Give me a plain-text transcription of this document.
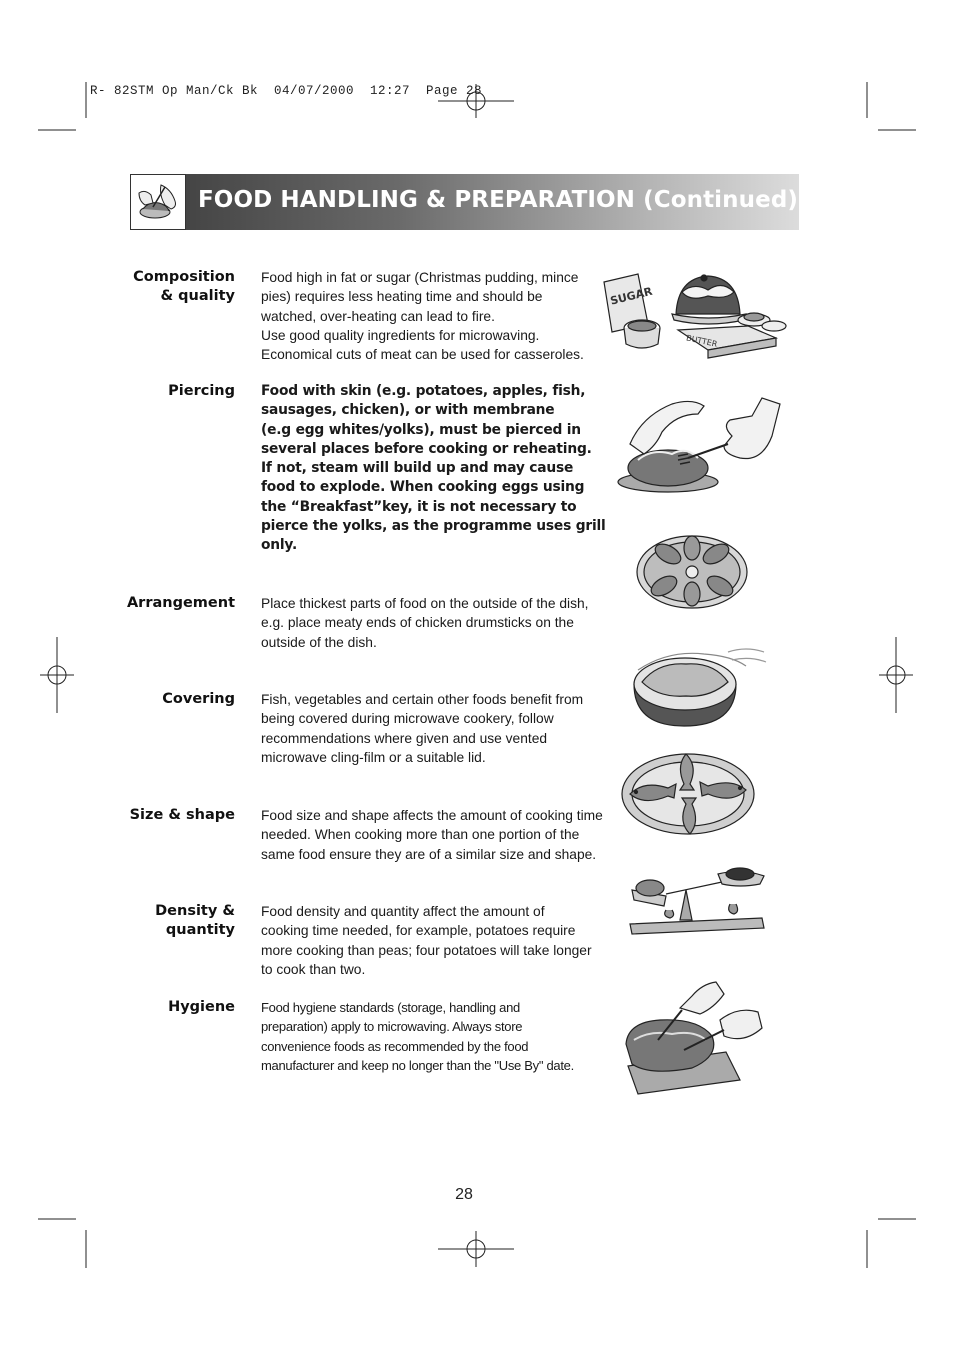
R- 82STM Op Man/Ck Bk  04/07/2000  12:27  Page 28
FOOD HANDLING & PREPARATION (Continued)
Composition
& quality
Food high in fat or sugar (Christmas pudding, mince
pies) requires less heating time and should be
watched, over-heating can lead to fire.
Use good quality ingredients for microwaving.
Economical cuts of meat can be used for casseroles.
SUGAR
BUTTER
Piercing Food with skin (e.g. potatoes, apples, fish,
sausages, chicken), or with membrane
(e.g egg whites/yolks), must be pierced in
several places before cooking or reheating.
If not, steam will build up and may cause
food to explode. When cooking eggs using
the “Breakfast”key, it is not necessary to
pierce the yolks, as the programme uses grill
only.
Arrangement Place thickest parts of food on the outside of the dish,
e.g. place meaty ends of chicken drumsticks on the
outside of the dish.
Covering Fish, vegetables and certain other foods benefit from
being covered during microwave cookery, follow
recommendations where given and use vented
microwave cling-film or a suitable lid.
Size & shape Food size and shape affects the amount of cooking time
needed. When cooking more than one portion of the
same food ensure they are of a similar size and shape.
Density &
quantity
Food density and quantity affect the amount of
cooking time needed, for example, potatoes require
more cooking than peas; four potatoes will take longer
to cook than two.
Hygiene Food hygiene standards (storage, handling and
preparation) apply to microwaving. Always store
convenience foods as recommended by the food
manufacturer and keep no longer than the "Use By" date.
28
